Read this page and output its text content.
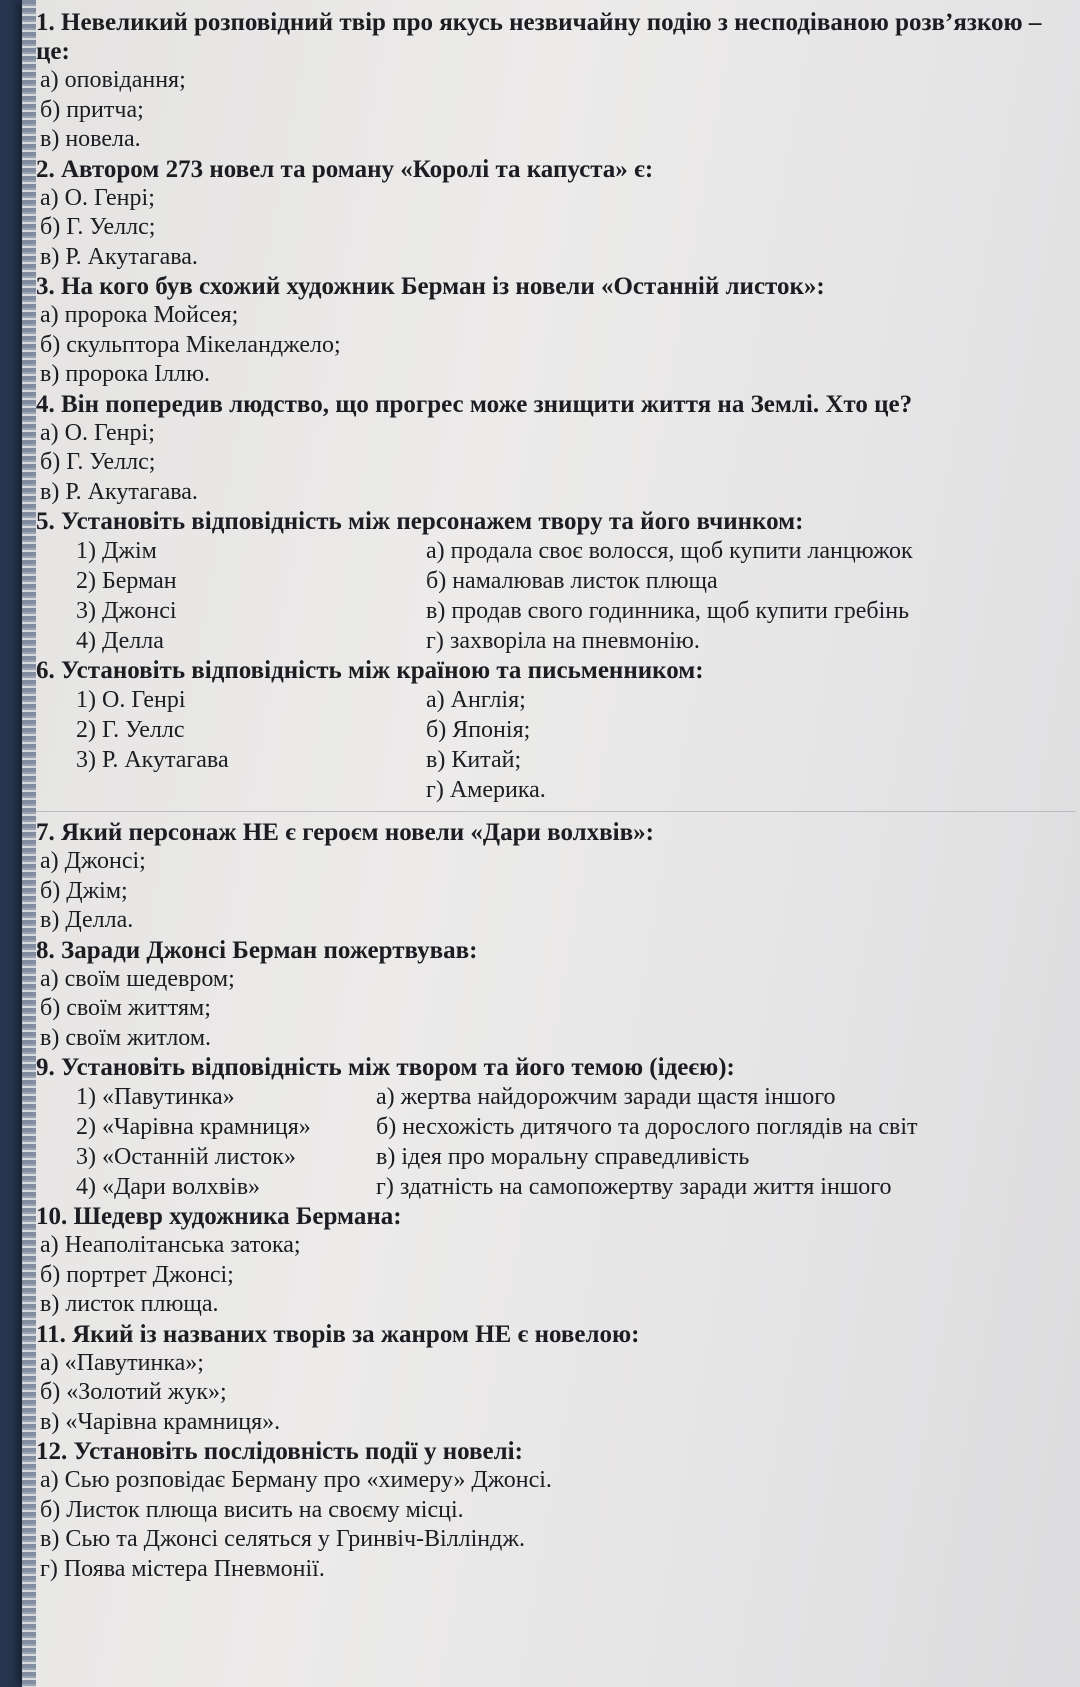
1. Невеликий розповідний твір про якусь незвичайну подію з несподіваною розв’язкою – це:

а) оповідання;

б) притча;

в) новела.

2. Автором 273 новел та роману «Королі та капуста» є:

а) О. Генрі;

б) Г. Уеллс;

в) Р. Акутагава.

3. На кого був схожий художник Берман із новели «Останній листок»:

а) пророка Мойсея;

б) скульптора Мікеланджело;

в) пророка Іллю.

4. Він попередив людство, що прогрес може знищити життя на Землі. Хто це?

а) О. Генрі;

б) Г. Уеллс;

в) Р. Акутагава.

5. Установіть відповідність між персонажем твору та його вчинком:

1) Джім	а) продала своє волосся, щоб купити ланцюжок
2) Берман	б) намалював листок плюща
3) Джонсі	в) продав свого годинника, щоб купити гребінь
4) Делла	г) захворіла на пневмонію.

6. Установіть відповідність між країною та письменником:

1) О. Генрі	а) Англія;
2) Г. Уеллс	б) Японія;
3) Р. Акутагава	в) Китай;
г) Америка.

7. Який персонаж НЕ є героєм новели «Дари волхвів»:

а) Джонсі;

б) Джім;

в) Делла.

8. Заради Джонсі Берман пожертвував:

а) своїм шедевром;

б) своїм життям;

в) своїм житлом.

9. Установіть відповідність між твором та його темою (ідеєю):

1) «Павутинка»	а) жертва найдорожчим заради щастя іншого
2) «Чарівна крамниця»	б) несхожість дитячого та дорослого поглядів на світ
3) «Останній листок»	в) ідея про моральну справедливість
4) «Дари волхвів»	г) здатність на самопожертву заради життя іншого

10. Шедевр художника Бермана:

а) Неаполітанська затока;

б) портрет Джонсі;

в) листок плюща.

11. Який із названих творів за жанром НЕ є новелою:

а) «Павутинка»;

б) «Золотий жук»;

в) «Чарівна крамниця».

12. Установіть послідовність події у новелі:

а) Сью розповідає Берману про «химеру» Джонсі.

б) Листок плюща висить на своєму місці.

в) Сью та Джонсі селяться у Гринвіч-Вілліндж.

г) Поява містера Пневмонії.
